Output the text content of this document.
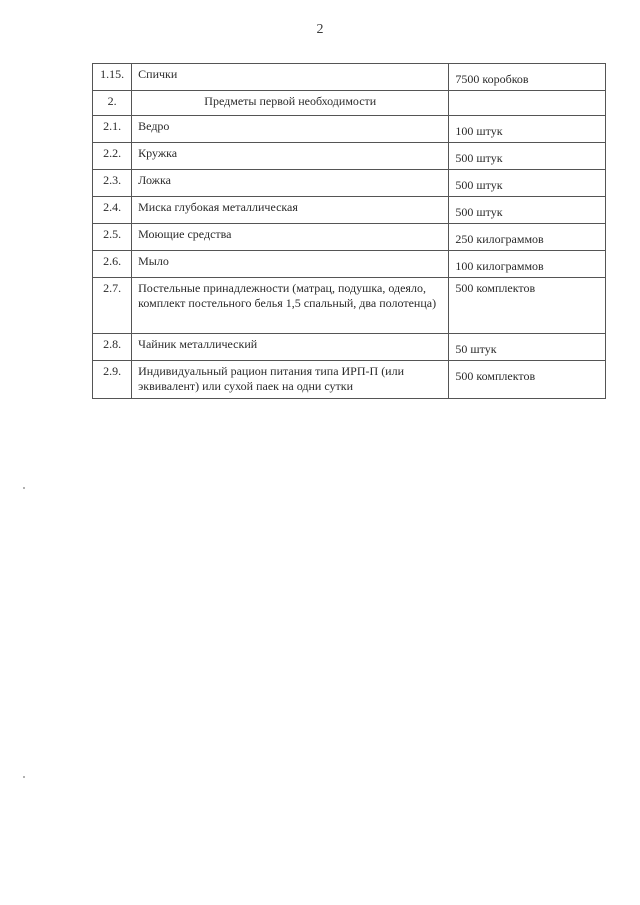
2
1.15.	Спички	7500 коробков
2.	Предметы первой необходимости	
2.1.	Ведро	100 штук
2.2.	Кружка	500 штук
2.3.	Ложка	500 штук
2.4.	Миска глубокая металлическая	500 штук
2.5.	Моющие средства	250 килограммов
2.6.	Мыло	100 килограммов
2.7.	Постельные принадлежности (матрац, подушка, одеяло, комплект постельного белья 1,5 спальный, два полотенца)	500 комплектов
2.8.	Чайник металлический	50 штук
2.9.	Индивидуальный рацион питания типа ИРП-П (или эквивалент) или сухой паек на одни сутки	500 комплектов
